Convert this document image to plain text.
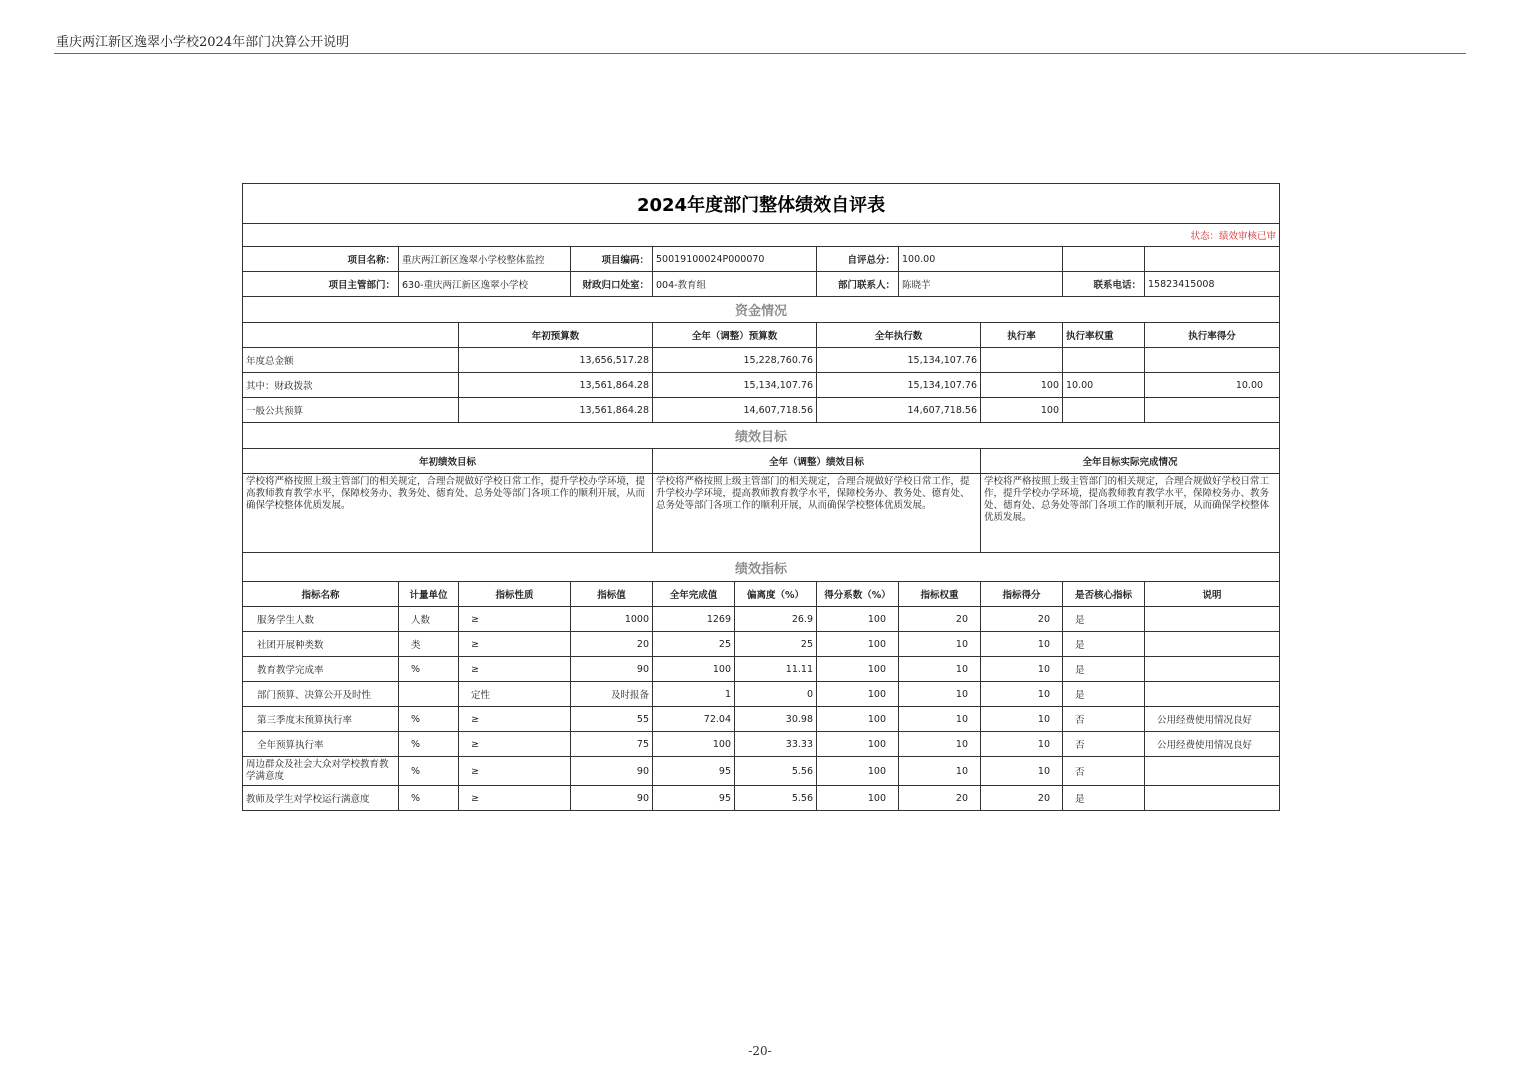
重庆两江新区逸翠小学校2024年部门决算公开说明
2024年度部门整体绩效自评表										
状态：绩效审核已审										
项目名称：	重庆两江新区逸翠小学校整体监控		项目编码：	50019100024P000070		自评总分：	100.00			
项目主管部门：	630-重庆两江新区逸翠小学校		财政归口处室：	004-教育组		部门联系人：	陈晓芋		联系电话：	15823415008
资金情况										
		年初预算数		全年（调整）预算数		全年执行数		执行率	执行率权重	执行率得分
年度总金额		13,656,517.28		15,228,760.76		15,134,107.76				
其中：财政拨款		13,561,864.28		15,134,107.76		15,134,107.76		100	10.00	10.00
一般公共预算		13,561,864.28		14,607,718.56		14,607,718.56		100		
绩效目标										
年初绩效目标				全年（调整）绩效目标				全年目标实际完成情况		
学校将严格按照上级主管部门的相关规定，合理合规做好学校日常工作，提升学校办学环境，提高教师教育教学水平，保障校务办、教务处、德育处、总务处等部门各项工作的顺利开展，从而确保学校整体优质发展。				学校将严格按照上级主管部门的相关规定，合理合规做好学校日常工作，提升学校办学环境，提高教师教育教学水平，保障校务办、教务处、德育处、总务处等部门各项工作的顺利开展，从而确保学校整体优质发展。				学校将严格按照上级主管部门的相关规定，合理合规做好学校日常工作，提升学校办学环境，提高教师教育教学水平，保障校务办、教务处、德育处、总务处等部门各项工作的顺利开展，从而确保学校整体优质发展。		
绩效指标										
指标名称	计量单位	指标性质	指标值	全年完成值	偏离度（%）	得分系数（%）	指标权重	指标得分	是否核心指标	说明
服务学生人数	人数	≥	1000	1269	26.9	100	20	20	是	
社团开展种类数	类	≥	20	25	25	100	10	10	是	
教育教学完成率	%	≥	90	100	11.11	100	10	10	是	
部门预算、决算公开及时性		定性	及时报备	1	0	100	10	10	是	
第三季度末预算执行率	%	≥	55	72.04	30.98	100	10	10	否	公用经费使用情况良好
全年预算执行率	%	≥	75	100	33.33	100	10	10	否	公用经费使用情况良好
周边群众及社会大众对学校教育教学满意度	%	≥	90	95	5.56	100	10	10	否	
教师及学生对学校运行满意度	%	≥	90	95	5.56	100	20	20	是	
-20-
